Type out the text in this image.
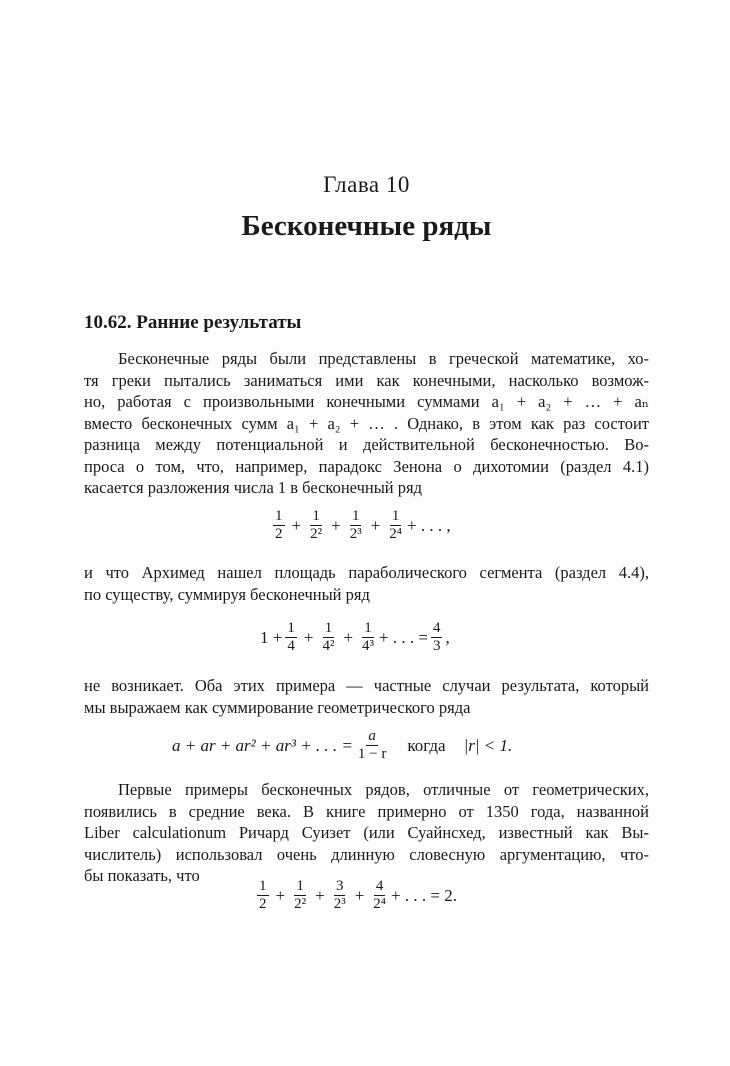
Глава 10
Бесконечные ряды
10.62. Ранние результаты
Бесконечные ряды были представлены в греческой математике, хо-
тя греки пытались заниматься ими как конечными, насколько возмож-
но, работая с произвольными конечными суммами a₁ + a₂ + … + aₙ
вместо бесконечных сумм a₁ + a₂ + … . Однако, в этом как раз состоит
разница между потенциальной и действительной бесконечностью. Во-
проса о том, что, например, парадокс Зенона о дихотомии (раздел 4.1)
касается разложения числа 1 в бесконечный ряд
$\frac{1}{2} + \frac{1}{\text{2²}} + \frac{1}{\text{2³}} + \frac{1}{\text{2⁴}}$ + . . . ,
и что Архимед нашел площадь параболического сегмента (раздел 4.4),
по существу, суммируя бесконечный ряд
$1 + \frac{1}{4} + \frac{1}{\text{4²}} + \frac{1}{\text{4³}}$ + . . . = $\frac{4}{3}$ ,
не возникает. Оба этих примера — частные случаи результата, который
мы выражаем как суммирование геометрического ряда
a + ar + ar² + ar³ + . . . = $\frac{a}{1 - r}$ когда |r| < 1.
Первые примеры бесконечных рядов, отличные от геометрических,
появились в средние века. В книге примерно от 1350 года, названной
Liber calculationum Ричард Суизет (или Суайнсхед, известный как Вы-
числитель) использовал очень длинную словесную аргументацию, что-
бы показать, что
$\frac{1}{2} + \frac{1}{\text{2²}} + \frac{3}{\text{2³}} + \frac{4}{\text{2⁴}}$ + . . . = 2.
